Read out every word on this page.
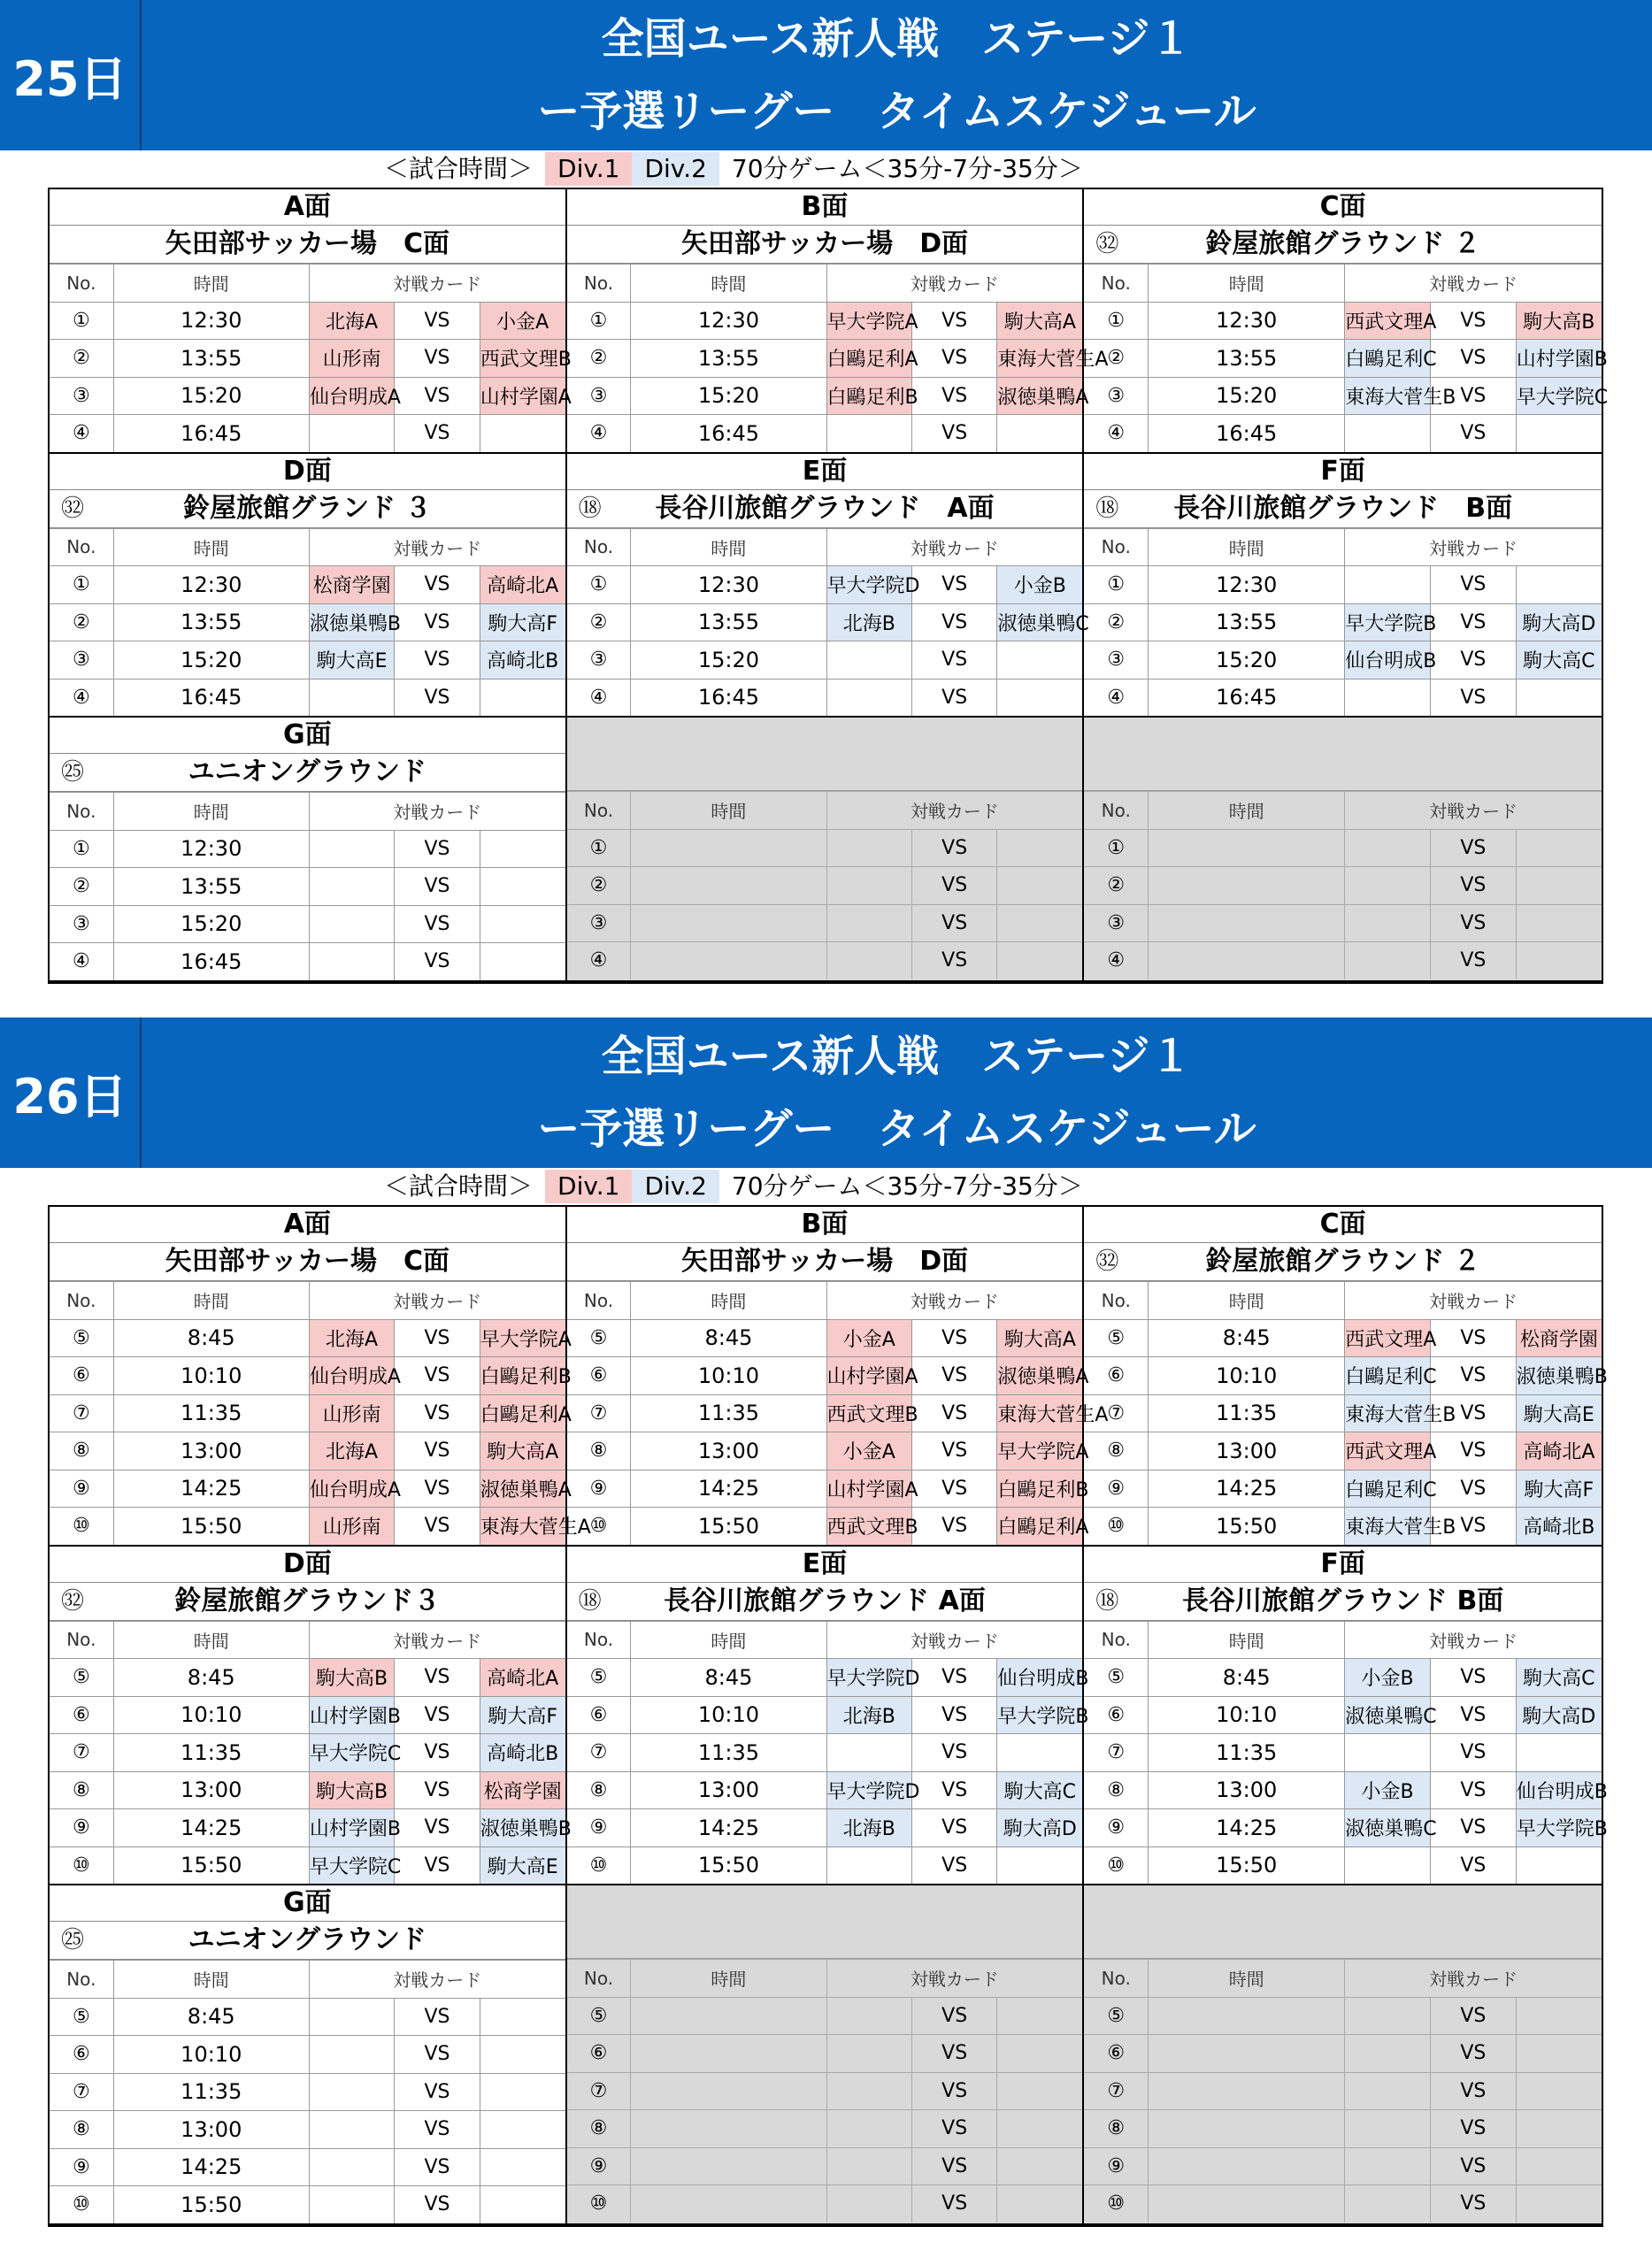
25日
全国ユース新人戦　ステージ１
ー予選リーグー　タイムスケジュール
＜試合時間＞	Div.1	Div.2	70分ゲーム＜35分-7分-35分＞
A面
矢田部サッカー場　C面
No.	時間	対戦カード		
①	12:30	北海A	VS	小金A
②	13:55	山形南	VS	西武文理B
③	15:20	仙台明成A	VS	山村学園A
④	16:45		VS	
B面
矢田部サッカー場　D面
No.	時間	対戦カード		
①	12:30	早大学院A	VS	駒大高A
②	13:55	白鷗足利A	VS	東海大菅生A
③	15:20	白鷗足利B	VS	淑徳巣鴨A
④	16:45		VS	
C面
㉜	鈴屋旅館グラウンド ２
No.	時間	対戦カード		
①	12:30	西武文理A	VS	駒大高B
②	13:55	白鷗足利C	VS	山村学園B
③	15:20	東海大菅生B	VS	早大学院C
④	16:45		VS	
D面
㉜	鈴屋旅館グランド ３
No.	時間	対戦カード		
①	12:30	松商学園	VS	高崎北A
②	13:55	淑徳巣鴨B	VS	駒大高F
③	15:20	駒大高E	VS	高崎北B
④	16:45		VS	
E面
⑱	長谷川旅館グラウンド　A面
No.	時間	対戦カード		
①	12:30	早大学院D	VS	小金B
②	13:55	北海B	VS	淑徳巣鴨C
③	15:20		VS	
④	16:45		VS	
F面
⑱	長谷川旅館グラウンド　B面
No.	時間	対戦カード		
①	12:30		VS	
②	13:55	早大学院B	VS	駒大高D
③	15:20	仙台明成B	VS	駒大高C
④	16:45		VS	
G面
㉕	ユニオングラウンド
No.	時間	対戦カード		
①	12:30		VS	
②	13:55		VS	
③	15:20		VS	
④	16:45		VS	
No.	時間	対戦カード		
①			VS	
②			VS	
③			VS	
④			VS	
No.	時間	対戦カード		
①			VS	
②			VS	
③			VS	
④			VS	
26日
全国ユース新人戦　ステージ１
ー予選リーグー　タイムスケジュール
＜試合時間＞	Div.1	Div.2	70分ゲーム＜35分-7分-35分＞
A面
矢田部サッカー場　C面
No.	時間	対戦カード		
⑤	8:45	北海A	VS	早大学院A
⑥	10:10	仙台明成A	VS	白鷗足利B
⑦	11:35	山形南	VS	白鷗足利A
⑧	13:00	北海A	VS	駒大高A
⑨	14:25	仙台明成A	VS	淑徳巣鴨A
⑩	15:50	山形南	VS	東海大菅生A
B面
矢田部サッカー場　D面
No.	時間	対戦カード		
⑤	8:45	小金A	VS	駒大高A
⑥	10:10	山村学園A	VS	淑徳巣鴨A
⑦	11:35	西武文理B	VS	東海大菅生A
⑧	13:00	小金A	VS	早大学院A
⑨	14:25	山村学園A	VS	白鷗足利B
⑩	15:50	西武文理B	VS	白鷗足利A
C面
㉜	鈴屋旅館グラウンド ２
No.	時間	対戦カード		
⑤	8:45	西武文理A	VS	松商学園
⑥	10:10	白鷗足利C	VS	淑徳巣鴨B
⑦	11:35	東海大菅生B	VS	駒大高E
⑧	13:00	西武文理A	VS	高崎北A
⑨	14:25	白鷗足利C	VS	駒大高F
⑩	15:50	東海大菅生B	VS	高崎北B
D面
㉜	鈴屋旅館グラウンド３
No.	時間	対戦カード		
⑤	8:45	駒大高B	VS	高崎北A
⑥	10:10	山村学園B	VS	駒大高F
⑦	11:35	早大学院C	VS	高崎北B
⑧	13:00	駒大高B	VS	松商学園
⑨	14:25	山村学園B	VS	淑徳巣鴨B
⑩	15:50	早大学院C	VS	駒大高E
E面
⑱	長谷川旅館グラウンド A面
No.	時間	対戦カード		
⑤	8:45	早大学院D	VS	仙台明成B
⑥	10:10	北海B	VS	早大学院B
⑦	11:35		VS	
⑧	13:00	早大学院D	VS	駒大高C
⑨	14:25	北海B	VS	駒大高D
⑩	15:50		VS	
F面
⑱	長谷川旅館グラウンド B面
No.	時間	対戦カード		
⑤	8:45	小金B	VS	駒大高C
⑥	10:10	淑徳巣鴨C	VS	駒大高D
⑦	11:35		VS	
⑧	13:00	小金B	VS	仙台明成B
⑨	14:25	淑徳巣鴨C	VS	早大学院B
⑩	15:50		VS	
G面
㉕	ユニオングラウンド
No.	時間	対戦カード		
⑤	8:45		VS	
⑥	10:10		VS	
⑦	11:35		VS	
⑧	13:00		VS	
⑨	14:25		VS	
⑩	15:50		VS	
No.	時間	対戦カード		
⑤			VS	
⑥			VS	
⑦			VS	
⑧			VS	
⑨			VS	
⑩			VS	
No.	時間	対戦カード		
⑤			VS	
⑥			VS	
⑦			VS	
⑧			VS	
⑨			VS	
⑩			VS	
